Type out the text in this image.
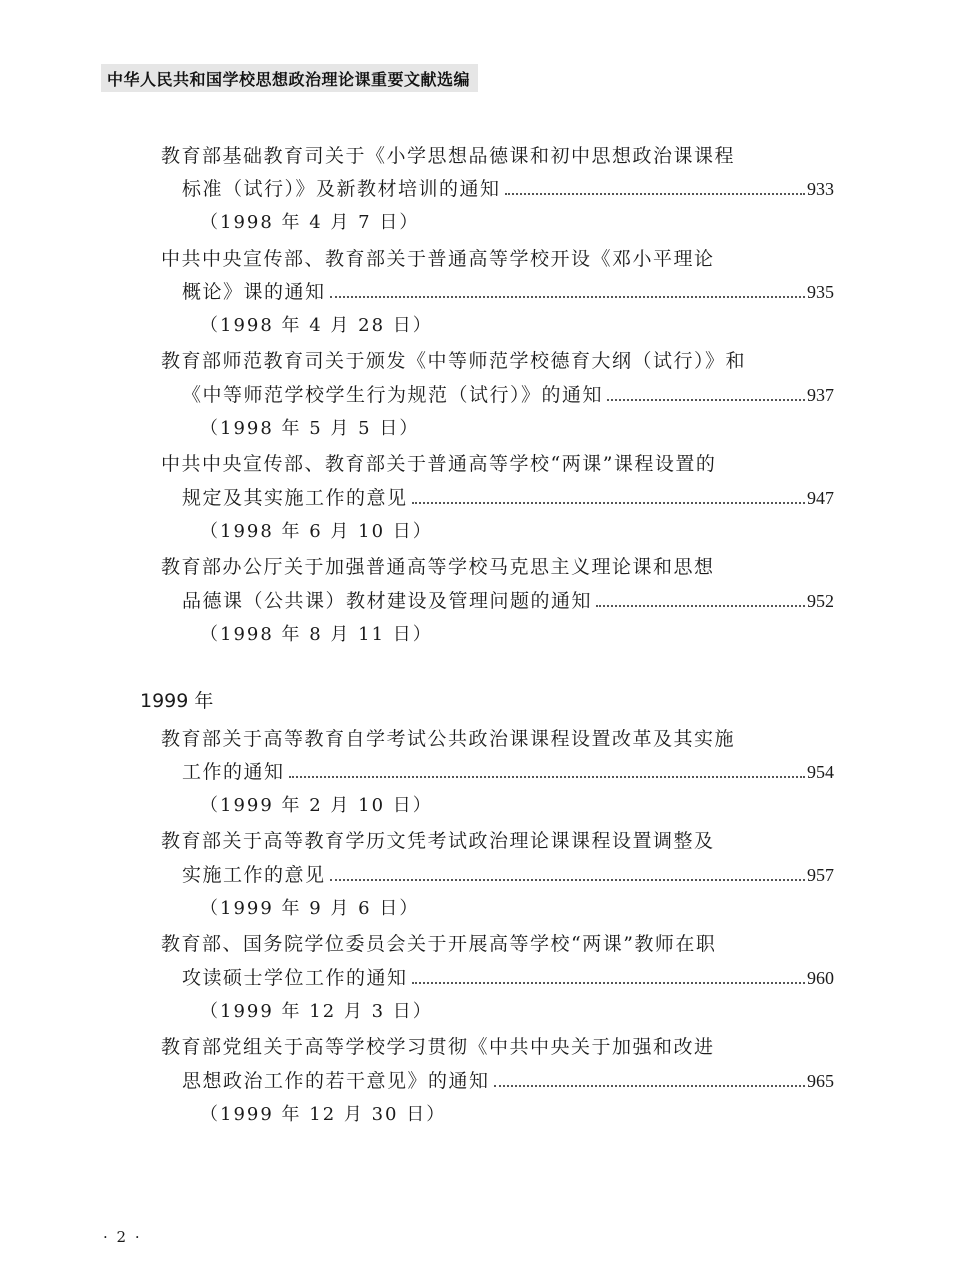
中华人民共和国学校思想政治理论课重要文献选编
教育部基础教育司关于《小学思想品德课和初中思想政治课课程
标准（试行）》及新教材培训的通知	933
（1998 年 4 月 7 日）
中共中央宣传部、教育部关于普通高等学校开设《邓小平理论
概论》课的通知	935
（1998 年 4 月 28 日）
教育部师范教育司关于颁发《中等师范学校德育大纲（试行）》和
《中等师范学校学生行为规范（试行）》的通知	937
（1998 年 5 月 5 日）
中共中央宣传部、教育部关于普通高等学校“两课”课程设置的
规定及其实施工作的意见	947
（1998 年 6 月 10 日）
教育部办公厅关于加强普通高等学校马克思主义理论课和思想
品德课（公共课）教材建设及管理问题的通知	952
（1998 年 8 月 11 日）
1999 年
教育部关于高等教育自学考试公共政治课课程设置改革及其实施
工作的通知	954
（1999 年 2 月 10 日）
教育部关于高等教育学历文凭考试政治理论课课程设置调整及
实施工作的意见	957
（1999 年 9 月 6 日）
教育部、国务院学位委员会关于开展高等学校“两课”教师在职
攻读硕士学位工作的通知	960
（1999 年 12 月 3 日）
教育部党组关于高等学校学习贯彻《中共中央关于加强和改进
思想政治工作的若干意见》的通知	965
（1999 年 12 月 30 日）
· 2 ·
